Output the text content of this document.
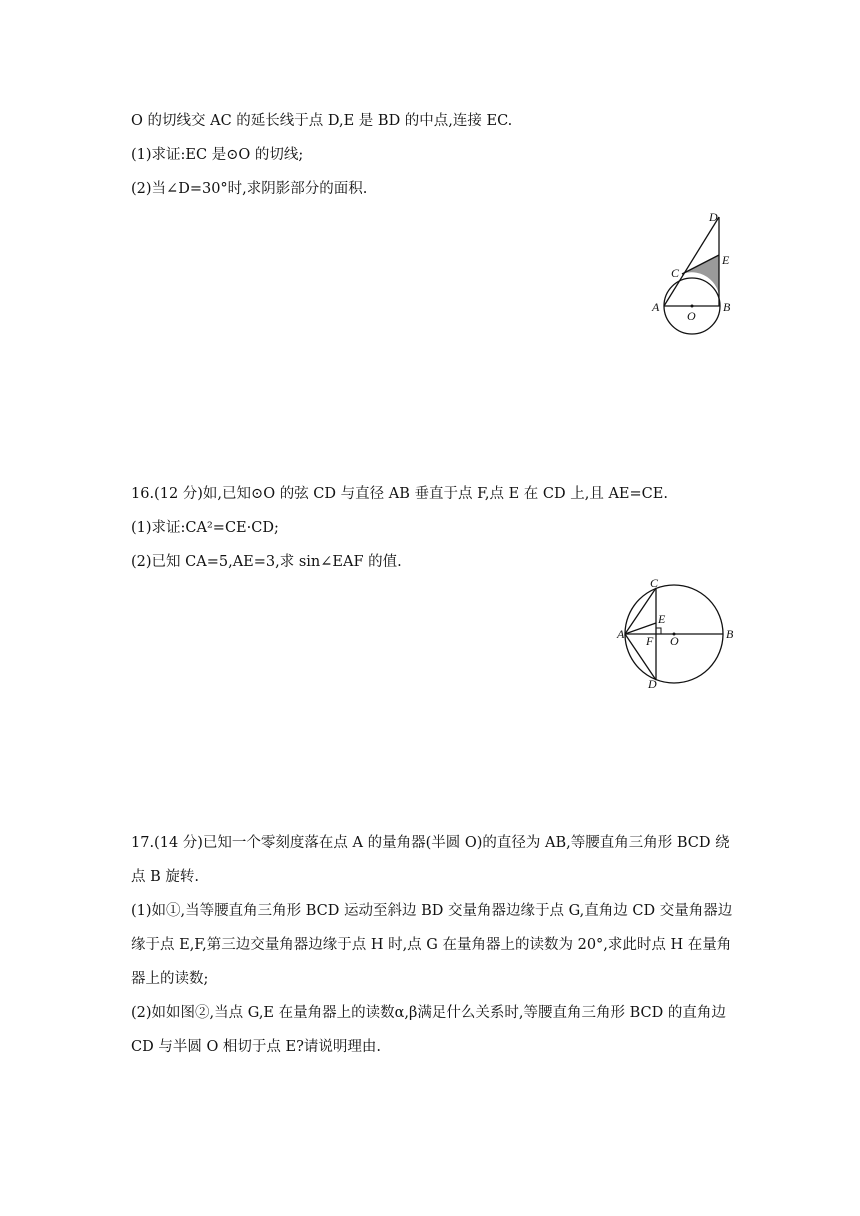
O 的切线交 AC 的延长线于点 D,E 是 BD 的中点,连接 EC.
(1)求证:EC 是⊙O 的切线;
(2)当∠D=30°时,求阴影部分的面积.
D
E
C
A
O
B
16.(12 分)如,已知⊙O 的弦 CD 与直径 AB 垂直于点 F,点 E 在 CD 上,且 AE=CE.
(1)求证:CA²=CE·CD;
(2)已知 CA=5,AE=3,求 sin∠EAF 的值.
C
E
A F O	B
D
17.(14 分)已知一个零刻度落在点 A 的量角器(半圆 O)的直径为 AB,等腰直角三角形 BCD 绕
点 B 旋转.
(1)如①,当等腰直角三角形 BCD 运动至斜边 BD 交量角器边缘于点 G,直角边 CD 交量角器边
缘于点 E,F,第三边交量角器边缘于点 H 时,点 G 在量角器上的读数为 20°,求此时点 H 在量角
器上的读数;
(2)如如图②,当点 G,E 在量角器上的读数α,β满足什么关系时,等腰直角三角形 BCD 的直角边
CD 与半圆 O 相切于点 E?请说明理由.
